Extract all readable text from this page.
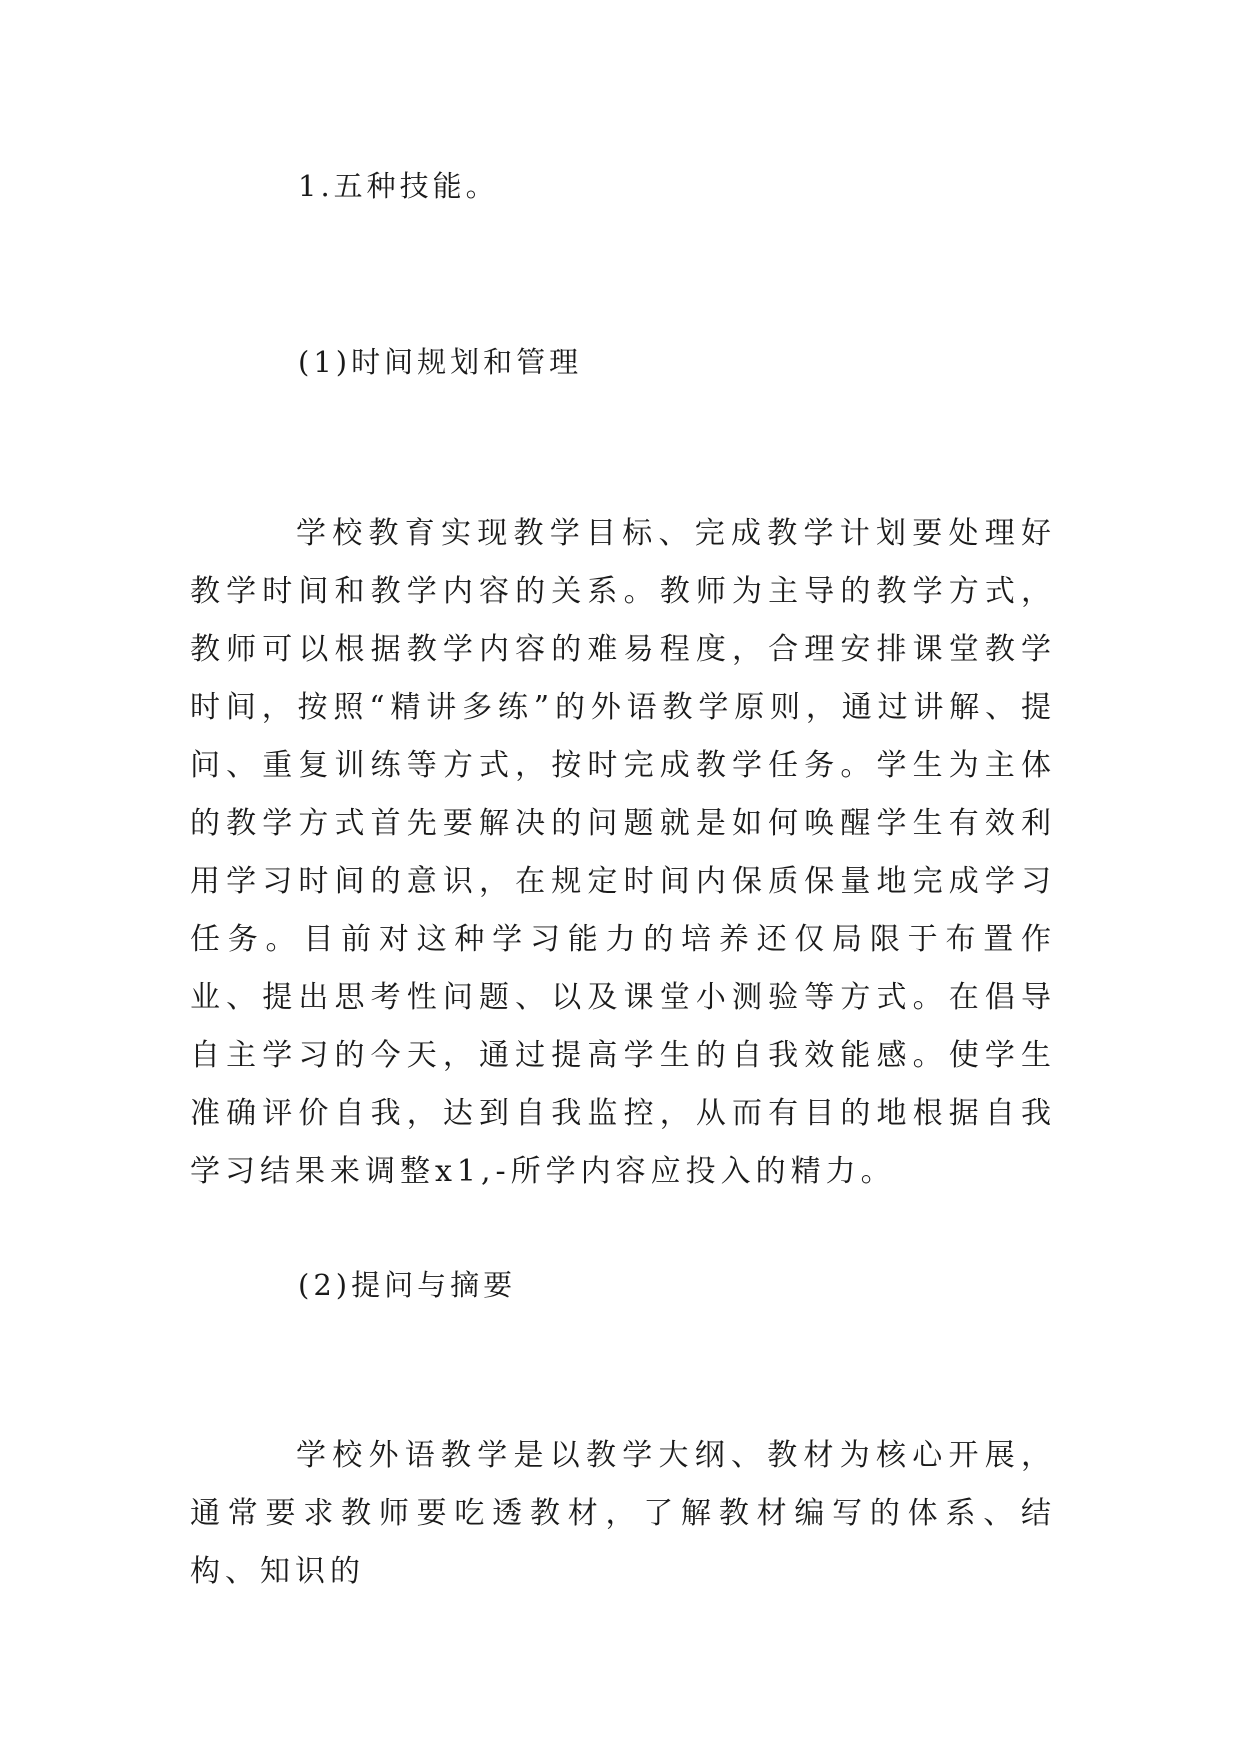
1.五种技能。

(1)时间规划和管理

学校教育实现教学目标、完成教学计划要处理好教学时间和教学内容的关系。教师为主导的教学方式，教师可以根据教学内容的难易程度，合理安排课堂教学时间，按照“精讲多练”的外语教学原则，通过讲解、提问、重复训练等方式，按时完成教学任务。学生为主体的教学方式首先要解决的问题就是如何唤醒学生有效利用学习时间的意识，在规定时间内保质保量地完成学习任务。目前对这种学习能力的培养还仅局限于布置作业、提出思考性问题、以及课堂小测验等方式。在倡导自主学习的今天，通过提高学生的自我效能感。使学生准确评价自我，达到自我监控，从而有目的地根据自我学习结果来调整x1,-所学内容应投入的精力。

(2)提问与摘要

学校外语教学是以教学大纲、教材为核心开展，通常要求教师要吃透教材，了解教材编写的体系、结构、知识的
